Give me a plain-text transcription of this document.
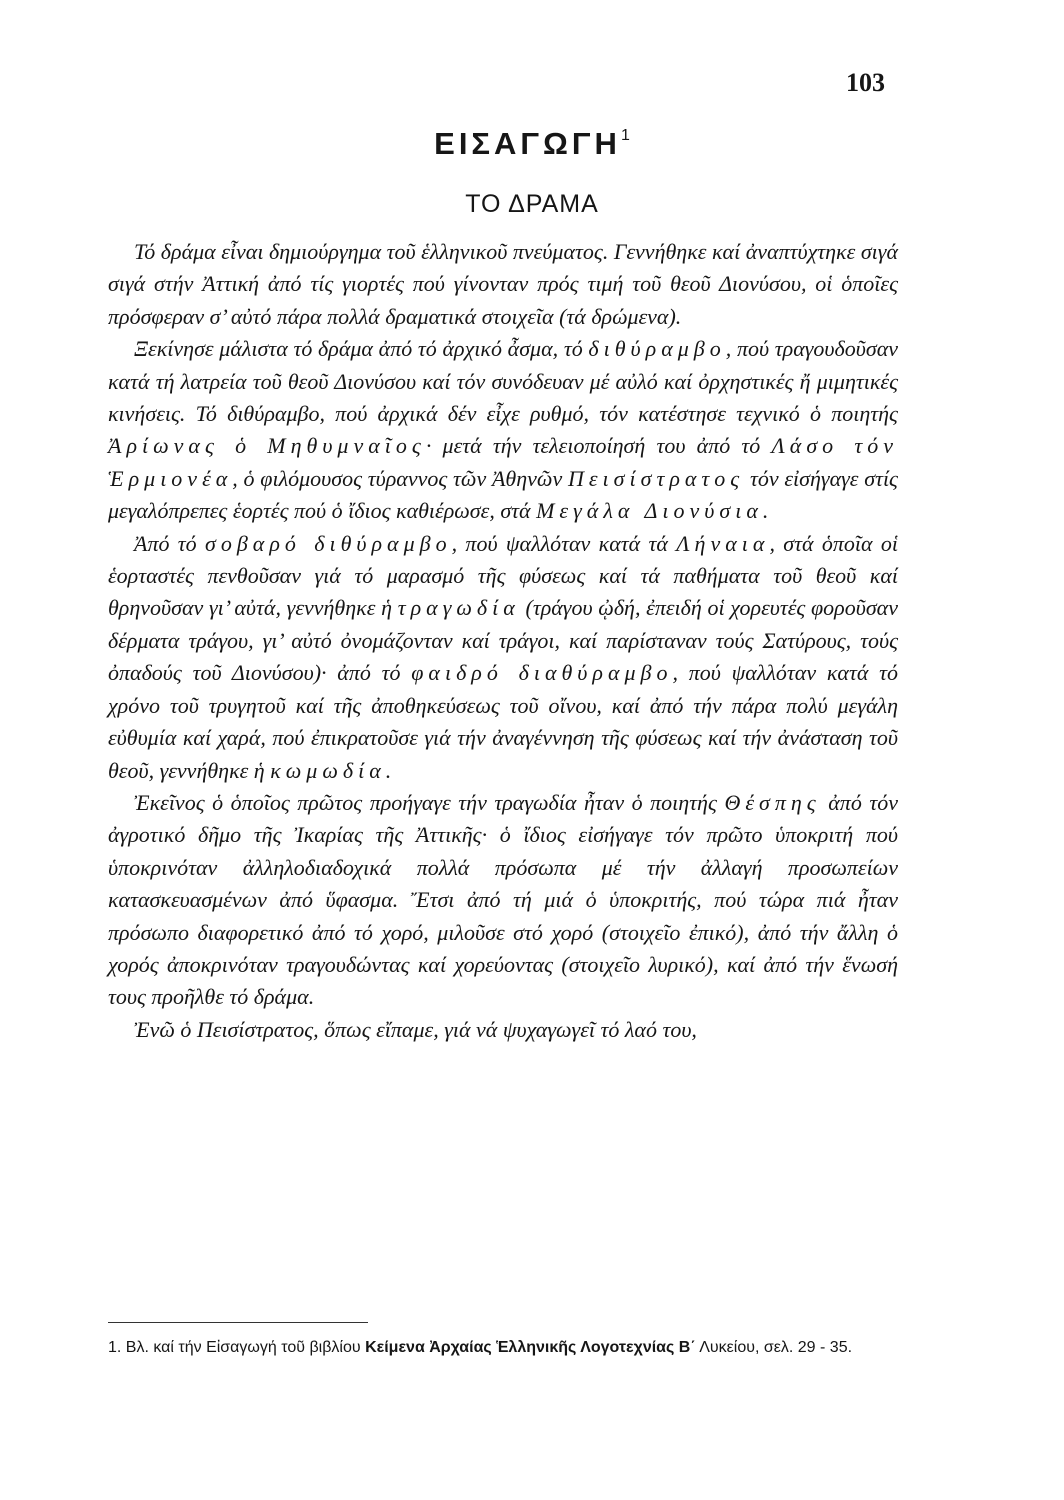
103
ΕΙΣΑΓΩΓΗ$^1$
ΤΟ ΔΡΑΜΑ

Τό δράμα εἶναι δημιούργημα τοῦ ἑλληνικοῦ πνεύματος. Γεννήθηκε καί ἀναπτύχτηκε σιγά σιγά στήν Ἀττική ἀπό τίς γιορτές πού γίνονταν πρός τιμή τοῦ θεοῦ Διονύσου, οἱ ὁποῖες πρόσφεραν σ’ αὐτό πάρα πολλά δραματικά στοιχεῖα (τά δρώμενα).

Ξεκίνησε μάλιστα τό δράμα ἀπό τό ἀρχικό ἆσμα, τό διθύραμβο, πού τραγουδοῦσαν κατά τή λατρεία τοῦ θεοῦ Διονύσου καί τόν συνόδευαν μέ αὐλό καί ὀρχηστικές ἤ μιμητικές κινήσεις. Τό διθύραμβο, πού ἀρχικά δέν εἶχε ρυθμό, τόν κατέστησε τεχνικό ὁ ποιητής Ἀρίωνας ὁ Μηθυμναῖος· μετά τήν τελειοποίησή του ἀπό τό Λάσο τόν Ἑρμιονέα, ὁ φιλόμουσος τύραννος τῶν Ἀθηνῶν Πεισίστρατος τόν εἰσήγαγε στίς μεγαλόπρεπες ἑορτές πού ὁ ἴδιος καθιέρωσε, στά Μεγάλα Διονύσια.

Ἀπό τό σοβαρό διθύραμβο, πού ψαλλόταν κατά τά Λήναια, στά ὁποῖα οἱ ἑορταστές πενθοῦσαν γιά τό μαρασμό τῆς φύσεως καί τά παθήματα τοῦ θεοῦ καί θρηνοῦσαν γι’ αὐτά, γεννήθηκε ἡ τραγωδία (τράγου ᾠδή, ἐπειδή οἱ χορευτές φοροῦσαν δέρματα τράγου, γι’ αὐτό ὀνομάζονταν καί τράγοι, καί παρίσταναν τούς Σατύρους, τούς ὀπαδούς τοῦ Διονύσου)· ἀπό τό φαιδρό διαθύραμβο, πού ψαλλόταν κατά τό χρόνο τοῦ τρυγητοῦ καί τῆς ἀποθηκεύσεως τοῦ οἴνου, καί ἀπό τήν πάρα πολύ μεγάλη εὐθυμία καί χαρά, πού ἐπικρατοῦσε γιά τήν ἀναγέννηση τῆς φύσεως καί τήν ἀνάσταση τοῦ θεοῦ, γεννήθηκε ἡ κωμωδία.

Ἐκεῖνος ὁ ὁποῖος πρῶτος προήγαγε τήν τραγωδία ἦταν ὁ ποιητής Θέσπης ἀπό τόν ἀγροτικό δῆμο τῆς Ἰκαρίας τῆς Ἀττικῆς· ὁ ἴδιος εἰσήγαγε τόν πρῶτο ὑποκριτή πού ὑποκρινόταν ἀλληλοδιαδοχικά πολλά πρόσωπα μέ τήν ἀλλαγή προσωπείων κατασκευασμένων ἀπό ὕφασμα. Ἔτσι ἀπό τή μιά ὁ ὑποκριτής, πού τώρα πιά ἦταν πρόσωπο διαφορετικό ἀπό τό χορό, μιλοῦσε στό χορό (στοιχεῖο ἐπικό), ἀπό τήν ἄλλη ὁ χορός ἀποκρινόταν τραγουδώντας καί χορεύοντας (στοιχεῖο λυρικό), καί ἀπό τήν ἕνωσή τους προῆλθε τό δράμα.

Ἐνῶ ὁ Πεισίστρατος, ὅπως εἴπαμε, γιά νά ψυχαγωγεῖ τό λαό του,

1. Βλ. καί τήν Εἰσαγωγή τοῦ βιβλίου Κείμενα Ἀρχαίας Ἑλληνικῆς Λογοτεχνίας Β΄ Λυκείου, σελ. 29 - 35.
